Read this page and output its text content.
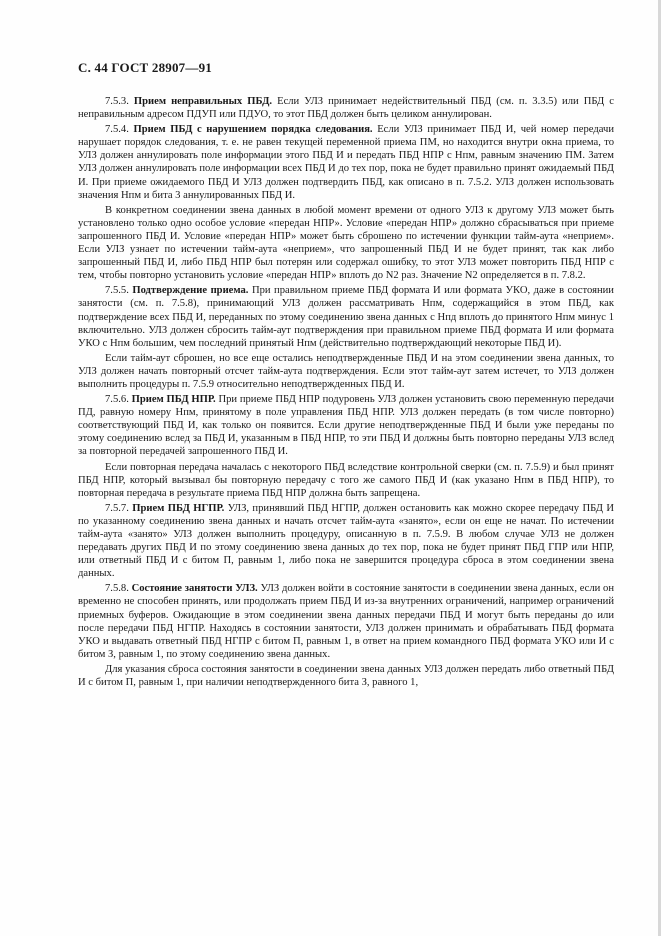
С. 44 ГОСТ 28907—91

7.5.3. Прием неправильных ПБД. Если УЛЗ принимает недействительный ПБД (см. п. 3.3.5) или ПБД с неправильным адресом ПДУП или ПДУО, то этот ПБД должен быть целиком аннулирован.

7.5.4. Прием ПБД с нарушением порядка следования. Если УЛЗ принимает ПБД И, чей номер передачи нарушает порядок следования, т. е. не равен текущей переменной приема ПМ, но находится внутри окна приема, то УЛЗ должен аннулировать поле информации этого ПБД И и передать ПБД НПР с Нпм, равным значению ПМ. Затем УЛЗ должен аннулировать поле информации всех ПБД И до тех пор, пока не будет правильно принят ожидаемый ПБД И. При приеме ожидаемого ПБД И УЛЗ должен подтвердить ПБД, как описано в п. 7.5.2. УЛЗ должен использовать значения Нпм и бита 3 аннулированных ПБД И.

В конкретном соединении звена данных в любой момент времени от одного УЛЗ к другому УЛЗ может быть установлено только одно особое условие «передан НПР». Условие «передан НПР» должно сбрасываться при приеме запрошенного ПБД И. Условие «передан НПР» может быть сброшено по истечении функции тайм-аута «неприем». Если УЛЗ узнает по истечении тайм-аута «неприем», что запрошенный ПБД И не будет принят, так как либо запрошенный ПБД И, либо ПБД НПР был потерян или содержал ошибку, то этот УЛЗ может повторить ПБД НПР с тем, чтобы повторно установить условие «передан НПР» вплоть до N2 раз. Значение N2 определяется в п. 7.8.2.

7.5.5. Подтверждение приема. При правильном приеме ПБД формата И или формата УКО, даже в состоянии занятости (см. п. 7.5.8), принимающий УЛЗ должен рассматривать Нпм, содержащийся в этом ПБД, как подтверждение всех ПБД И, переданных по этому соединению звена данных с Нпд вплоть до принятого Нпм минус 1 включительно. УЛЗ должен сбросить тайм-аут подтверждения при правильном приеме ПБД формата И или формата УКО с Нпм большим, чем последний принятый Нпм (действительно подтверждающий некоторые ПБД И).

Если тайм-аут сброшен, но все еще остались неподтвержденные ПБД И на этом соединении звена данных, то УЛЗ должен начать повторный отсчет тайм-аута подтверждения. Если этот тайм-аут затем истечет, то УЛЗ должен выполнить процедуры п. 7.5.9 относительно неподтвержденных ПБД И.

7.5.6. Прием ПБД НПР. При приеме ПБД НПР подуровень УЛЗ должен установить свою переменную передачи ПД, равную номеру Нпм, принятому в поле управления ПБД НПР. УЛЗ должен передать (в том числе повторно) соответствующий ПБД И, как только он появится. Если другие неподтвержденные ПБД И были уже переданы по этому соединению вслед за ПБД И, указанным в ПБД НПР, то эти ПБД И должны быть повторно переданы УЛЗ вслед за повторной передачей запрошенного ПБД И.

Если повторная передача началась с некоторого ПБД вследствие контрольной сверки (см. п. 7.5.9) и был принят ПБД НПР, который вызывал бы повторную передачу с того же самого ПБД И (как указано Нпм в ПБД НПР), то повторная передача в результате приема ПБД НПР должна быть запрещена.

7.5.7. Прием ПБД НГПР. УЛЗ, принявший ПБД НГПР, должен остановить как можно скорее передачу ПБД И по указанному соединению звена данных и начать отсчет тайм-аута «занято», если он еще не начат. По истечении тайм-аута «занято» УЛЗ должен выполнить процедуру, описанную в п. 7.5.9. В любом случае УЛЗ не должен передавать других ПБД И по этому соединению звена данных до тех пор, пока не будет принят ПБД ГПР или НПР, или ответный ПБД И с битом П, равным 1, либо пока не завершится процедура сброса в этом соединении звена данных.

7.5.8. Состояние занятости УЛЗ. УЛЗ должен войти в состояние занятости в соединении звена данных, если он временно не способен принять, или продолжать прием ПБД И из-за внутренних ограничений, например ограничений приемных буферов. Ожидающие в этом соединении звена данных передачи ПБД И могут быть переданы до или после передачи ПБД НГПР. Находясь в состоянии занятости, УЛЗ должен принимать и обрабатывать ПБД формата УКО и выдавать ответный ПБД НГПР с битом П, равным 1, в ответ на прием командного ПБД формата УКО или И с битом З, равным 1, по этому соединению звена данных.

Для указания сброса состояния занятости в соединении звена данных УЛЗ должен передать либо ответный ПБД И с битом П, равным 1, при наличии неподтвержденного бита З, равного 1,
